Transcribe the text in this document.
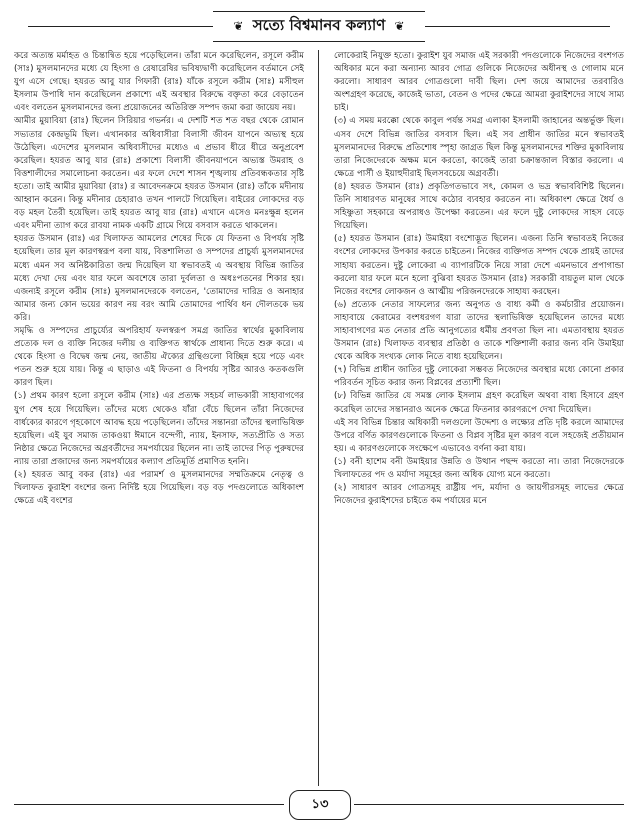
❦ সত্যে বিশ্বমানব কল্যাণ ❦

করে অত্যন্ত মর্মাহত ও চিন্তান্বিত হয়ে পড়েছিলেন। তাঁরা মনে করেছিলেন, রসূলে করীম (সাঃ) মুসলমানদের মধ্যে যে হিংসা ও রেষারেষির ভবিষ্যদ্বাণী করেছিলেন বর্তমানে সেই যুগ এসে গেছে। হযরত আবু যার গিফারী (রাঃ) যাঁকে রসূলে করীম (সাঃ) মসীহুল ইসলাম উপাধি দান করেছিলেন প্রকাশ্যে এই অবস্থার বিরুদ্ধে বক্তৃতা করে বেড়াতেন এবং বলতেন মুসলমানদের জন্য প্রয়োজনের অতিরিক্ত সম্পদ জমা করা জায়েয নয়।

আমীর মুয়াবিয়া (রাঃ) ছিলেন সিরিয়ার গভর্নর। এ দেশটি শত শত বছর থেকে রোমান সভ্যতার কেন্দ্রভূমি ছিল। এখানকার অধিবাসীরা বিলাসী জীবন যাপনে অভ্যস্থ হয়ে উঠেছিল। এদেশের মুসলমান অধিবাসীদের মধ্যেও এ প্রভাব ধীরে ধীরে অনুপ্রবেশ করেছিল। হযরত আবু যার (রাঃ) প্রকাশ্যে বিলাসী জীবনযাপনে অভ্যস্ত উমরাহ ও বিত্তশালীদের সমালোচনা করতেন। এর ফলে দেশে শাসন শৃঙ্খলায় প্রতিবন্ধকতার সৃষ্টি হতো। তাই আমীর মুয়াবিয়া (রাঃ) র আবেদনক্রমে হযরত উসমান (রাঃ) তাঁকে মদীনায় আহ্বান করেন। কিন্তু মদীনার চেহারাও তখন পালটে গিয়েছিল। বাইরের লোকদের বড় বড় মহল তৈরী হয়েছিল। তাই হযরত আবু যার (রাঃ) এখানে এসেও মনঃক্ষুন্ন হলেন এবং মদীনা ত্যাগ করে রাবযা নামক একটি গ্রামে গিয়ে বসবাস করতে থাকলেন।

হযরত উসমান (রাঃ) এর খিলাফত আমলের শেষের দিকে যে ফিতনা ও বিপর্যয় সৃষ্টি হয়েছিল। তার মূল কারণস্বরূপ বলা যায়, বিত্তশালিতা ও সম্পদের প্রাচুর্য্য মুসলমানদের মধ্যে এমন সব অনিষ্টকারিতা জন্ম দিয়েছিল যা স্বভাবতই এ অবস্থায় বিভিন্ন জাতির মধ্যে দেখা দেয় এবং যার ফলে অবশেষে তারা দুর্বলতা ও অধঃপতনের শিকার হয়। এজন্যই রসূলে করীম (সাঃ) মুসলমানদেরকে বলতেন, 'তোমাদের দারিদ্র ও অনাহার আমার জন্য কোন ভয়ের কারণ নয় বরং আমি তোমাদের পার্থিব ধন দৌলতকে ভয় করি।

সমৃদ্ধি ও সম্পদের প্রাচুর্য্যের অপরিহার্য ফলস্বরূপ সমগ্র জাতির স্বার্থের মুকাবিলায় প্রত্যেক দল ও ব্যক্তি নিজের দলীয় ও ব্যক্তিগত স্বার্থকে প্রাধান্য দিতে শুরু করে। এ থেকে হিংসা ও বিদ্বেষ জন্ম নেয়, জাতীয় ঐক্যের গ্রন্থিগুলো বিচ্ছিন্ন হয়ে পড়ে এবং পতন শুরু হয়ে যায়। কিন্তু এ ছাড়াও এই ফিতনা ও বিপর্যয় সৃষ্টির আরও কতকগুলি কারণ ছিল।

(১) প্রথম কারণ হলো রসূলে করীম (সাঃ) এর প্রত্যক্ষ সহচর্য লাভকারী সাহাবাগণের যুগ শেষ হয়ে গিয়েছিল। তাঁদের মধ্যে থেকেও যাঁরা বেঁচে ছিলেন তাঁরা নিজেদের বার্ধক্যের কারণে গৃহকোণে আবদ্ধ হয়ে পড়েছিলেন। তাঁদের সন্তানরা তাঁদের স্থলাভিষিক্ত হয়েছিল। এই যুব সমাজ তাকওয়া ঈমানে বন্দেগী, ন্যায়, ইনসাফ, সত্যপ্রীতি ও সত্য নিষ্ঠার ক্ষেত্রে নিজেদের অগ্রবর্তীদের সমপর্যায়ের ছিলেন না। তাই তাদের পিতৃ পুরুষদের ন্যায় তারা প্রজাদের জন্য সমপর্যায়ের কল্যাণ প্রতিমূর্তি প্রমাণিত হননি।

(২) হযরত আবু বকর (রাঃ) এর পরামর্শ ও মুসলমানদের সম্মতিক্রমে নেতৃত্ব ও খিলাফত কুরাইশ বংশের জন্য নির্দিষ্ট হয়ে গিয়েছিল। বড় বড় পদগুলোতে অধিকাংশ ক্ষেত্রে এই বংশের

লোকেরাই নিযুক্ত হতো। কুরাইশ যুব সমাজ এই সরকারী পদগুলোকে নিজেদের বংশগত অধিকার মনে করা অন্যান্য আরব গোত্র গুলিকে নিজেদের অধীনস্থ ও গোলাম মনে করলো। সাধারণ আরব গোত্রগুলো দাবী ছিল। দেশ জয়ে আমাদের তরবারিও অংশগ্রহণ করেছে, কাজেই ভাতা, বেতন ও পদের ক্ষেত্রে আমরা কুরাইশদের সাথে সাম্য চাই।

(৩) এ সময় মরক্কো থেকে কাবুল পর্যন্ত সমগ্র এলাকা ইসলামী জাহানের অন্তর্ভুক্ত ছিল। এসব দেশে বিভিন্ন জাতির বসবাস ছিল। এই সব প্রাধীন জাতির মনে স্বভাবতই মুসলমানদের বিরুদ্ধে প্রতিশোধ স্পৃহা জাগ্রত ছিল কিন্তু মুসলমানদের শক্তির মুকাবিলায় তারা নিজেদেরকে অক্ষম মনে করতো, কাজেই তারা চক্রান্তজাল বিস্তার করলো। এ ক্ষেত্রে পার্সী ও ইয়াহুদীরাই ছিলসবচেয়ে অগ্রবর্তী।

(৪) হযরত উসমান (রাঃ) প্রকৃতিগতভাবে সৎ, কোমল ও ভদ্র স্বভাববিশিষ্ট ছিলেন। তিনি সাধারণত মানুষের সাথে কঠোর ব্যবহার করতেন না। অধিকাংশ ক্ষেত্রে ধৈর্য ও সহিষ্ণুতা সহকারে অপরাধও উপেক্ষা করতেন। এর ফলে দুষ্টু লোকদের সাহস বেড়ে গিয়েছিল।

(৫) হযরত উসমান (রাঃ) উমাইয়া বংশোদ্ভূত ছিলেন। এজন্য তিনি স্বভাবতই নিজের বংশের লোকদের উপকার করতে চাইতেন। নিজের ব্যক্তিগত সম্পদ থেকে প্রায়ই তাদের সাহায্য করতেন। দুষ্টু লোকেরা এ ব্যাপারটিকে নিয়ে সারা দেশে এমনভাবে প্রপাগান্ডা করলো যার ফলে মনে হলো বুঝিবা হযরত উসমান (রাঃ) সরকারী বায়তুল মাল থেকে নিজের বংশের লোকজন ও আত্মীয় পরিজনদেরকে সাহায্য করছেন।

(৬) প্রত্যেক নেতার সাফল্যের জন্য অনুগত ও বাধ্য কর্মী ও কর্মচারীর প্রয়োজন। সাহাবায়ে কেরামের বংশধরগণ যারা তাদের স্থলাভিষিক্ত হয়েছিলেন তাদের মধ্যে সাহাবাগণের মত নেতার প্রতি আনুগত্যের ধর্মীয় প্রবণতা ছিল না। এমতাবস্থায় হযরত উসমান (রাঃ) খিলাফত ব্যবস্থার প্রতিষ্ঠা ও তাকে শক্তিশালী করার জন্য বনি উমাইয়া থেকে অধিক সংখ্যক লোক নিতে বাধ্য হয়েছিলেন।

(৭) বিভিন্ন প্রাধীন জাতির দুষ্টু লোকেরা সম্ভবত নিজেদের অবস্থার মধ্যে কোনো প্রকার পরিবর্তন সূচিত করার জন্য বিপ্লবের প্রত্যাশী ছিল।

(৮) বিভিন্ন জাতির যে সমস্ত লোক ইসলাম গ্রহণ করেছিল অথবা বাধ্য হিসাবে গ্রহণ করেছিল তাদের সন্তানরাও অনেক ক্ষেত্রে ফিতনার কারণরূপে দেখা দিয়েছিল।

এই সব বিভিন্ন চিন্তার অধিকারী দলগুলো উদ্দেশ্য ও লক্ষ্যের প্রতি দৃষ্টি করলে আমাদের উপরে বর্ণিত কারণগুলোকে ফিতনা ও বিপ্লব সৃষ্টির মূল কারণ বলে সহজেই প্রতীয়মান হয়। এ কারণগুলোকে সংক্ষেপে এভাবেও বর্ণনা করা যায়।

(১) বনী হাশেম বনী উমাইয়ার উন্নতি ও উত্থান পছন্দ করতো না। তারা নিজেদেরকে খিলাফতের পদ ও মর্যাদা সমূহের জন্য অধিক যোগ্য মনে করতো।

(২) সাধারণ আরব গোত্রসমূহ রাষ্ট্রীয় পদ, মর্যাদা ও জায়গীরসমূহ লাভের ক্ষেত্রে নিজেদের কুরাইশদের চাইতে কম পর্যায়ের মনে

১৩
